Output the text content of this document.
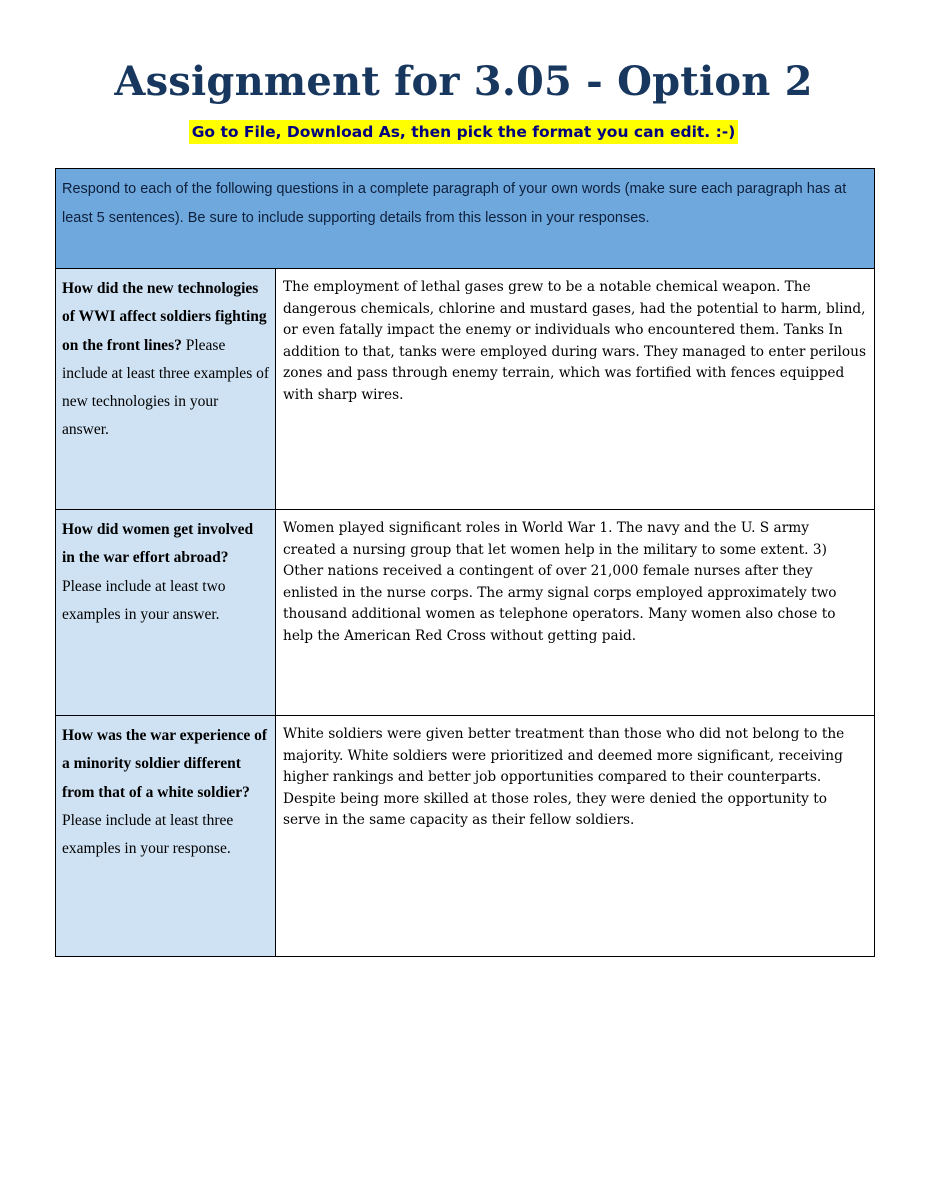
Assignment for 3.05 - Option 2
Go to File, Download As, then pick the format you can edit. :-)
Respond to each of the following questions in a complete paragraph of your own words (make sure each paragraph has at least 5 sentences). Be sure to include supporting details from this lesson in your responses.	
How did the new technologies of WWI affect soldiers fighting on the front lines? Please include at least three examples of new technologies in your answer.	The employment of lethal gases grew to be a notable chemical weapon. The dangerous chemicals, chlorine and mustard gases, had the potential to harm, blind, or even fatally impact the enemy or individuals who encountered them. Tanks In addition to that, tanks were employed during wars. They managed to enter perilous zones and pass through enemy terrain, which was fortified with fences equipped with sharp wires.
How did women get involved in the war effort abroad? Please include at least two examples in your answer.	Women played significant roles in World War 1. The navy and the U. S army created a nursing group that let women help in the military to some extent. 3) Other nations received a contingent of over 21,000 female nurses after they enlisted in the nurse corps. The army signal corps employed approximately two thousand additional women as telephone operators. Many women also chose to help the American Red Cross without getting paid.
How was the war experience of a minority soldier different from that of a white soldier? Please include at least three examples in your response.	White soldiers were given better treatment than those who did not belong to the majority. White soldiers were prioritized and deemed more significant, receiving higher rankings and better job opportunities compared to their counterparts. Despite being more skilled at those roles, they were denied the opportunity to serve in the same capacity as their fellow soldiers.
